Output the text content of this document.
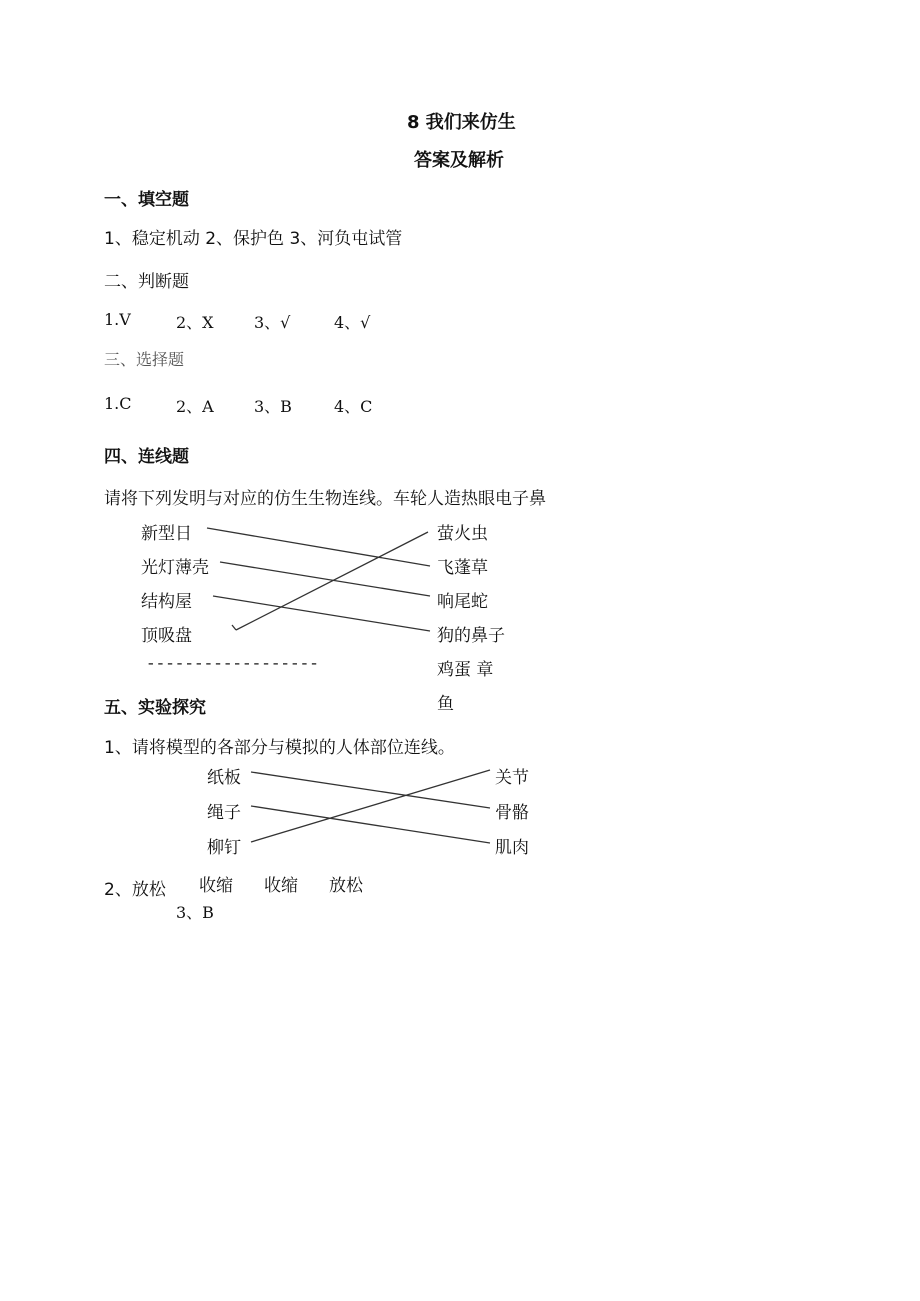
8 我们来仿生
答案及解析
一、填空题
1、稳定机动 2、保护色 3、河负屯试管
二、判断题
1.V	2、X	3、√	4、√
三、选择题
1.C	2、A	3、B	4、C
四、连线题
请将下列发明与对应的仿生生物连线。车轮人造热眼电子鼻
新型日
光灯薄壳
结构屋
顶吸盘
------------------
萤火虫
飞蓬草
响尾蛇
狗的鼻子
鸡蛋 章
鱼
五、实验探究
1、请将模型的各部分与模拟的人体部位连线。
纸板
绳子
柳钉
关节
骨骼
肌肉
2、放松 收缩 收缩 放松
3、B
